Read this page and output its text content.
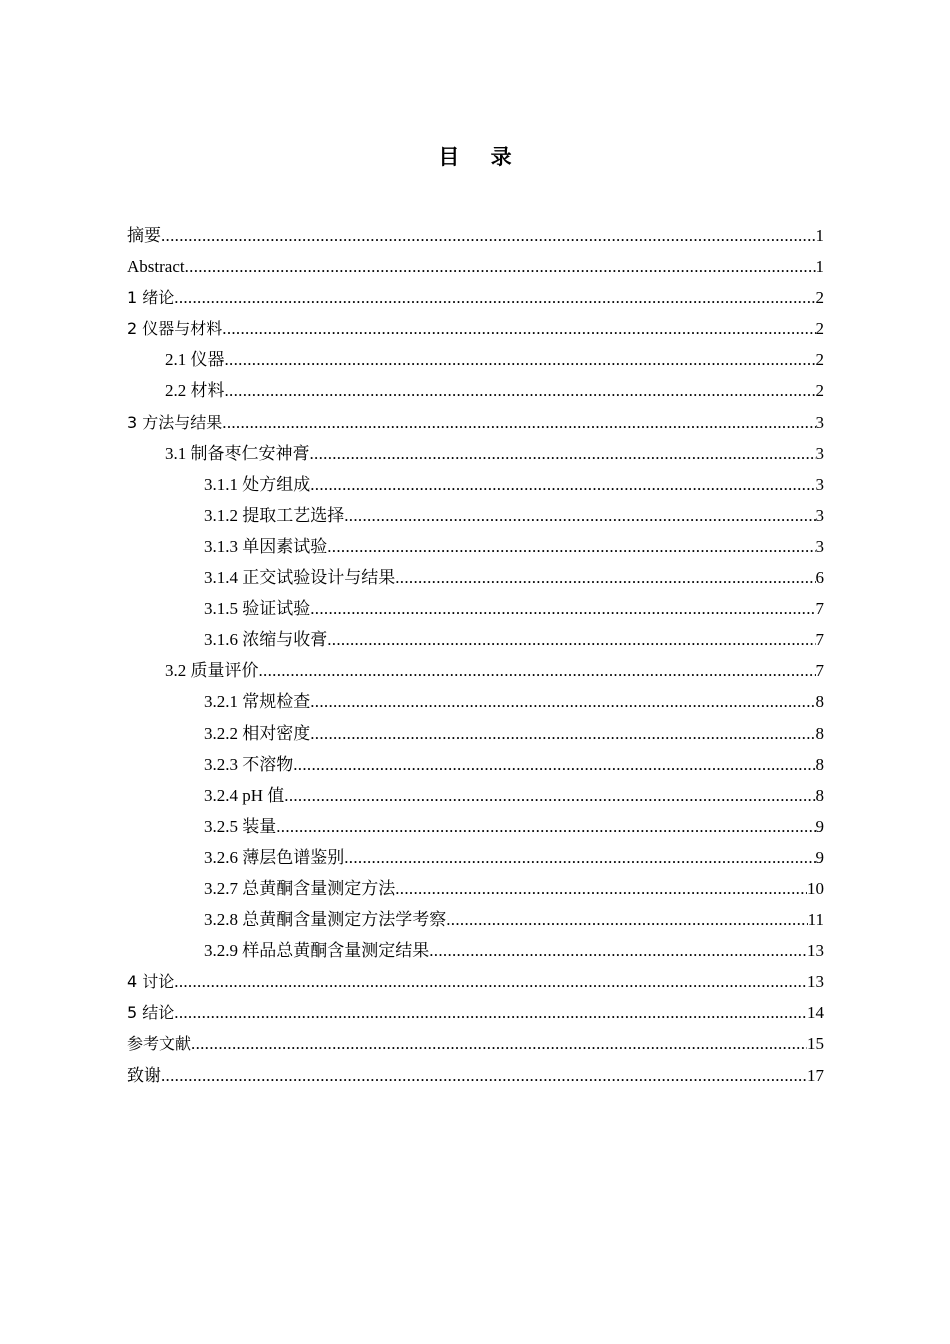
目 录
摘要 .....	1
Abstract .....	1
1 绪论 .....	2
2 仪器与材料 .....	2
2.1 仪器 .....	2
2.2 材料 .....	2
3 方法与结果 .....	3
3.1 制备枣仁安神膏 .....	3
3.1.1 处方组成 .....	3
3.1.2 提取工艺选择 .....	3
3.1.3 单因素试验 .....	3
3.1.4 正交试验设计与结果 .....	6
3.1.5 验证试验 .....	7
3.1.6 浓缩与收膏 .....	7
3.2 质量评价 .....	7
3.2.1 常规检查 .....	8
3.2.2 相对密度 .....	8
3.2.3 不溶物 .....	8
3.2.4 pH 值 .....	8
3.2.5 装量 .....	9
3.2.6 薄层色谱鉴别 .....	9
3.2.7 总黄酮含量测定方法 .....	10
3.2.8 总黄酮含量测定方法学考察 .....	11
3.2.9 样品总黄酮含量测定结果 .....	13
4 讨论 .....	13
5 结论 .....	14
参考文献 .....	15
致谢 .....	17
